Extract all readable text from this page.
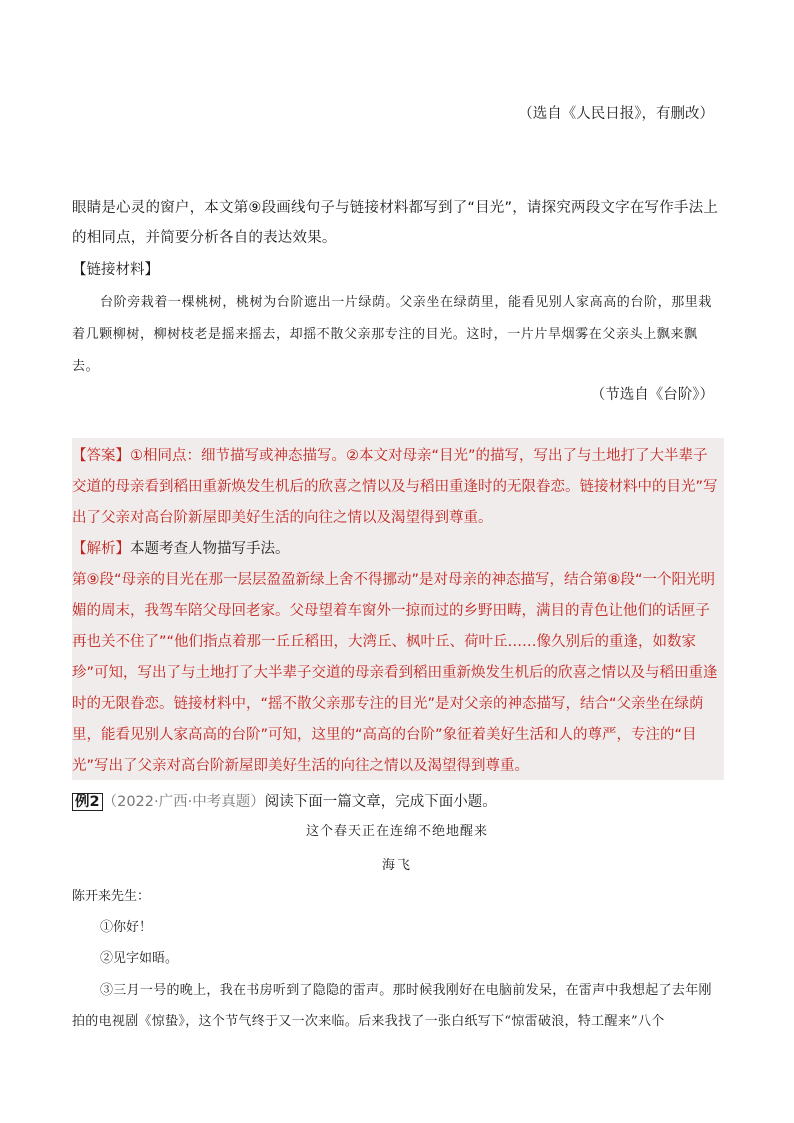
（选自《人民日报》，有删改）
眼睛是心灵的窗户，本文第⑨段画线句子与链接材料都写到了“目光”，请探究两段文字在写作手法上的相同点，并简要分析各自的表达效果。
【链接材料】
台阶旁栽着一棵桃树，桃树为台阶遮出一片绿荫。父亲坐在绿荫里，能看见别人家高高的台阶，那里栽着几颗柳树，柳树枝老是摇来摇去，却摇不散父亲那专注的目光。这时，一片片旱烟雾在父亲头上飘来飘去。
（节选自《台阶》）
【答案】①相同点：细节描写或神态描写。②本文对母亲“目光”的描写，写出了与土地打了大半辈子交道的母亲看到稻田重新焕发生机后的欣喜之情以及与稻田重逢时的无限眷恋。链接材料中的目光”写出了父亲对高台阶新屋即美好生活的向往之情以及渴望得到尊重。
【解析】本题考查人物描写手法。
第⑨段“母亲的目光在那一层层盈盈新绿上舍不得挪动”是对母亲的神态描写，结合第⑧段“一个阳光明媚的周末，我驾车陪父母回老家。父母望着车窗外一掠而过的乡野田畴，满目的青色让他们的话匣子再也关不住了”“他们指点着那一丘丘稻田，大湾丘、枫叶丘、荷叶丘……像久别后的重逢，如数家珍”可知，写出了与土地打了大半辈子交道的母亲看到稻田重新焕发生机后的欣喜之情以及与稻田重逢时的无限眷恋。链接材料中，“摇不散父亲那专注的目光”是对父亲的神态描写，结合“父亲坐在绿荫里，能看见别人家高高的台阶”可知，这里的“高高的台阶”象征着美好生活和人的尊严，专注的“目光”写出了父亲对高台阶新屋即美好生活的向往之情以及渴望得到尊重。
例2 （2022·广西·中考真题）阅读下面一篇文章，完成下面小题。
这个春天正在连绵不绝地醒来
海飞
陈开来先生：
①你好！
②见字如晤。
③三月一号的晚上，我在书房听到了隐隐的雷声。那时候我刚好在电脑前发呆，在雷声中我想起了去年刚拍的电视剧《惊蛰》，这个节气终于又一次来临。后来我找了一张白纸写下“惊雷破浪，特工醒来”八个
